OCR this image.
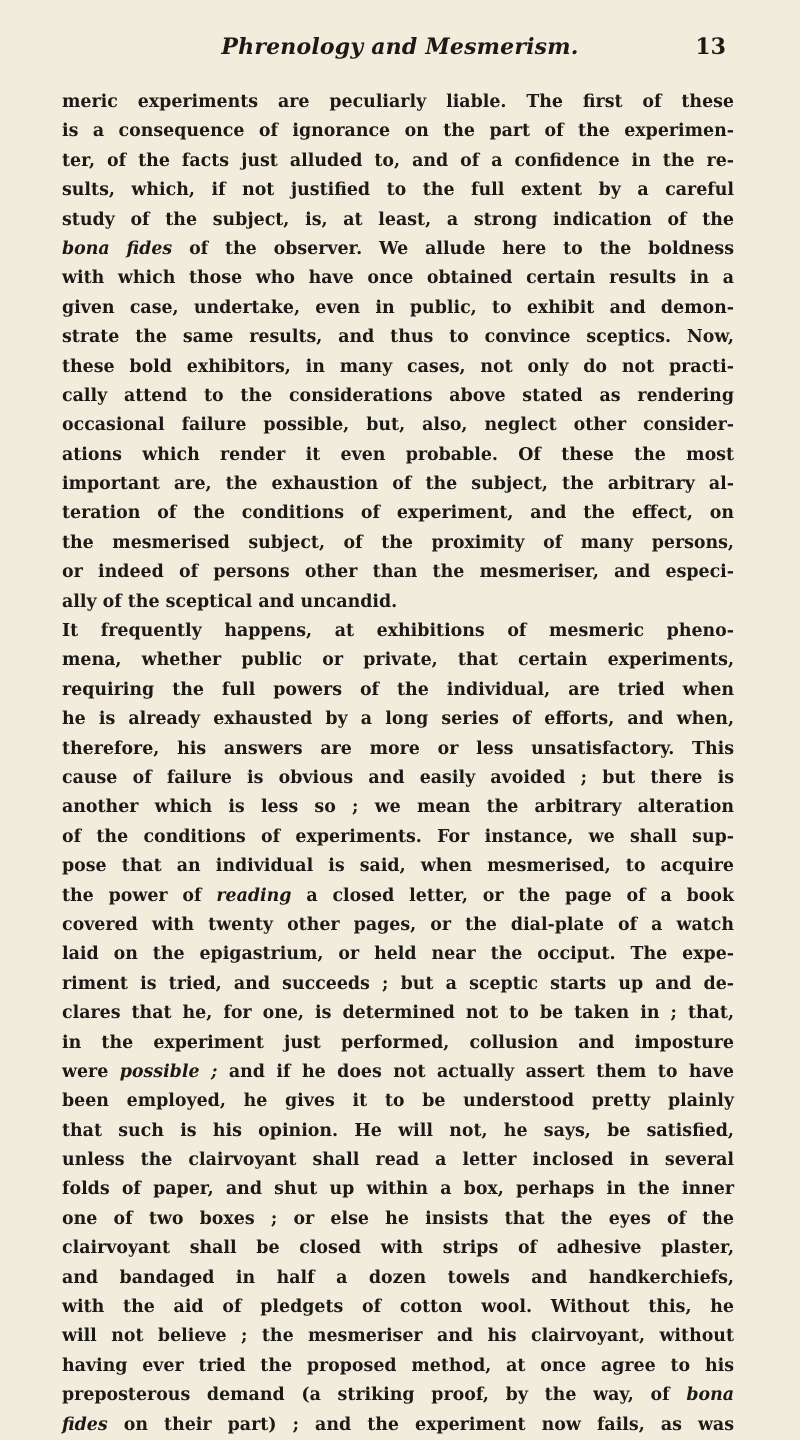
Phrenology and Mesmerism.	13
meric experiments are peculiarly liable. The first of these
is a consequence of ignorance on the part of the experimen-
ter, of the facts just alluded to, and of a confidence in the re-
sults, which, if not justified to the full extent by a careful
study of the subject, is, at least, a strong indication of the
bona fides of the observer. We allude here to the boldness
with which those who have once obtained certain results in a
given case, undertake, even in public, to exhibit and demon-
strate the same results, and thus to convince sceptics. Now,
these bold exhibitors, in many cases, not only do not practi-
cally attend to the considerations above stated as rendering
occasional failure possible, but, also, neglect other consider-
ations which render it even probable. Of these the most
important are, the exhaustion of the subject, the arbitrary al-
teration of the conditions of experiment, and the effect, on
the mesmerised subject, of the proximity of many persons,
or indeed of persons other than the mesmeriser, and especi-
ally of the sceptical and uncandid.
It frequently happens, at exhibitions of mesmeric pheno-
mena, whether public or private, that certain experiments,
requiring the full powers of the individual, are tried when
he is already exhausted by a long series of efforts, and when,
therefore, his answers are more or less unsatisfactory. This
cause of failure is obvious and easily avoided ; but there is
another which is less so ; we mean the arbitrary alteration
of the conditions of experiments. For instance, we shall sup-
pose that an individual is said, when mesmerised, to acquire
the power of reading a closed letter, or the page of a book
covered with twenty other pages, or the dial-plate of a watch
laid on the epigastrium, or held near the occiput. The expe-
riment is tried, and succeeds ; but a sceptic starts up and de-
clares that he, for one, is determined not to be taken in ; that,
in the experiment just performed, collusion and imposture
were possible ; and if he does not actually assert them to have
been employed, he gives it to be understood pretty plainly
that such is his opinion. He will not, he says, be satisfied,
unless the clairvoyant shall read a letter inclosed in several
folds of paper, and shut up within a box, perhaps in the inner
one of two boxes ; or else he insists that the eyes of the
clairvoyant shall be closed with strips of adhesive plaster,
and bandaged in half a dozen towels and handkerchiefs,
with the aid of pledgets of cotton wool. Without this, he
will not believe ; the mesmeriser and his clairvoyant, without
having ever tried the proposed method, at once agree to his
preposterous demand (a striking proof, by the way, of bona
fides on their part) ; and the experiment now fails, as was
